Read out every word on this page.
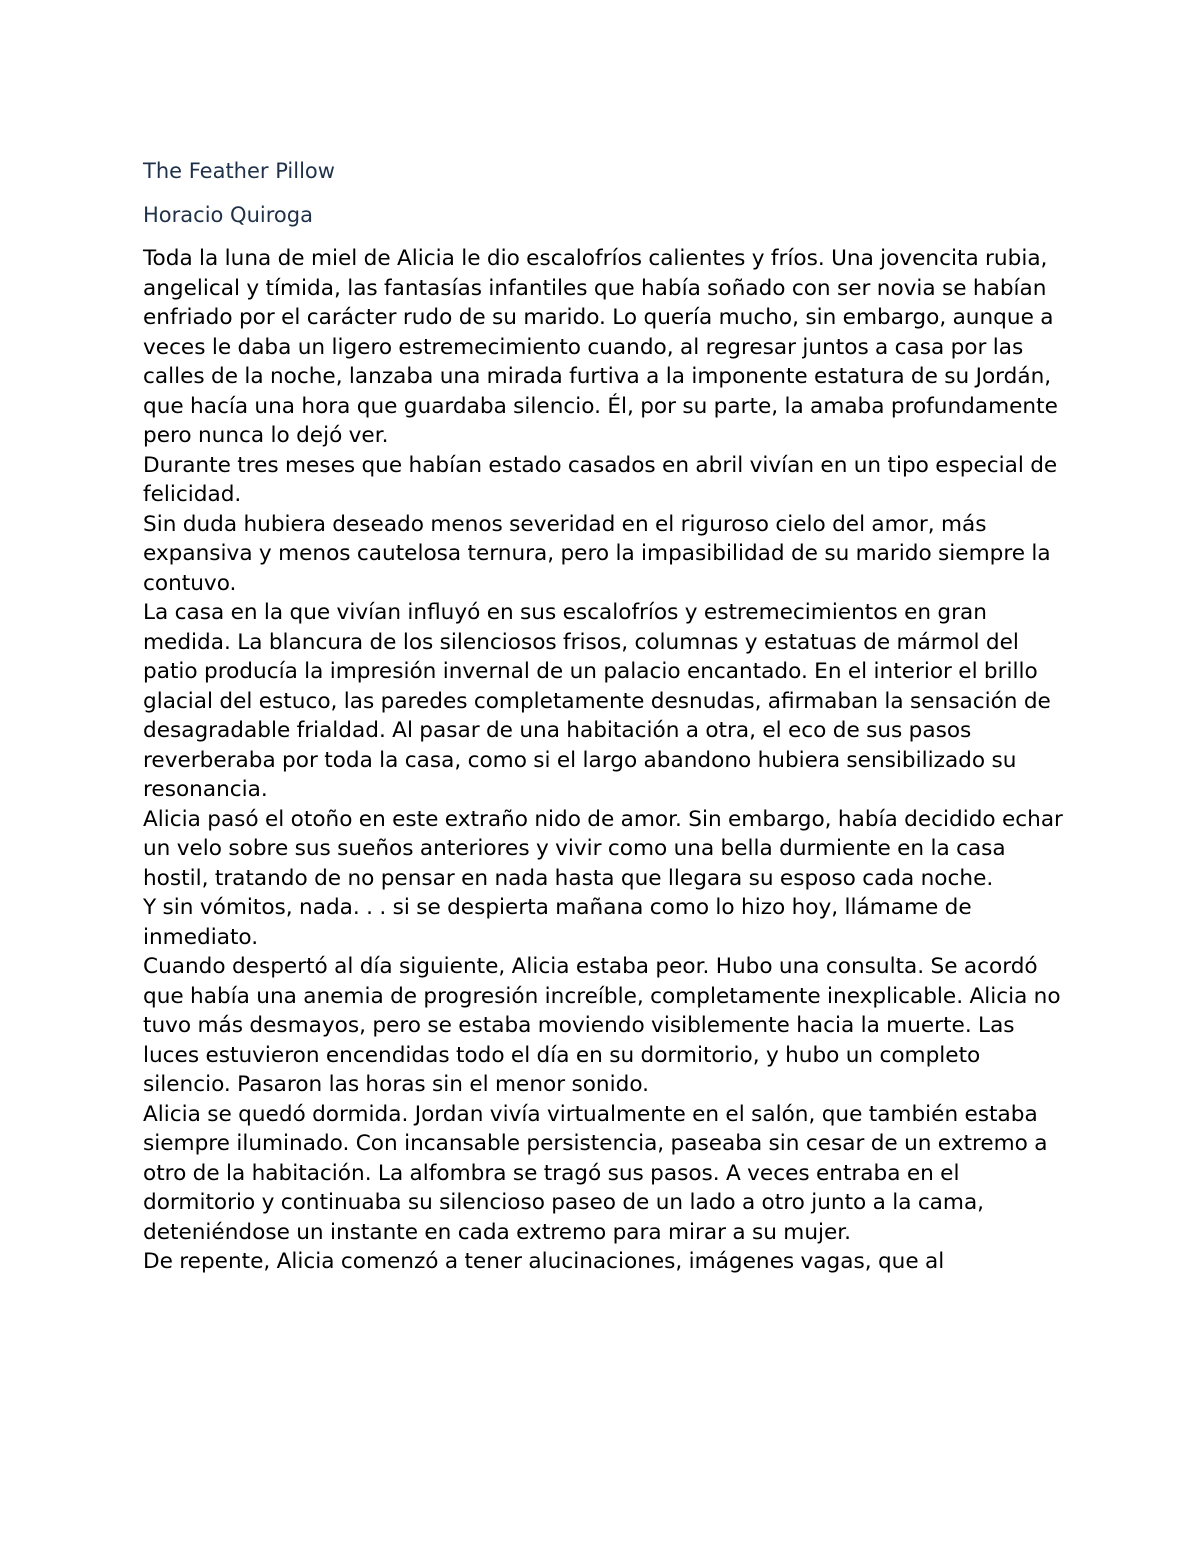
The Feather Pillow
Horacio Quiroga

Toda la luna de miel de Alicia le dio escalofríos calientes y fríos. Una jovencita rubia, angelical y tímida, las fantasías infantiles que había soñado con ser novia se habían enfriado por el carácter rudo de su marido. Lo quería mucho, sin embargo, aunque a veces le daba un ligero estremecimiento cuando, al regresar juntos a casa por las calles de la noche, lanzaba una mirada furtiva a la imponente estatura de su Jordán, que hacía una hora que guardaba silencio. Él, por su parte, la amaba profundamente pero nunca lo dejó ver.

Durante tres meses que habían estado casados en abril vivían en un tipo especial de felicidad.

Sin duda hubiera deseado menos severidad en el riguroso cielo del amor, más expansiva y menos cautelosa ternura, pero la impasibilidad de su marido siempre la contuvo.

La casa en la que vivían influyó en sus escalofríos y estremecimientos en gran medida. La blancura de los silenciosos frisos, columnas y estatuas de mármol del patio producía la impresión invernal de un palacio encantado. En el interior el brillo glacial del estuco, las paredes completamente desnudas, afirmaban la sensación de desagradable frialdad. Al pasar de una habitación a otra, el eco de sus pasos reverberaba por toda la casa, como si el largo abandono hubiera sensibilizado su resonancia.

Alicia pasó el otoño en este extraño nido de amor. Sin embargo, había decidido echar un velo sobre sus sueños anteriores y vivir como una bella durmiente en la casa hostil, tratando de no pensar en nada hasta que llegara su esposo cada noche.

Y sin vómitos, nada. . . si se despierta mañana como lo hizo hoy, llámame de inmediato.

Cuando despertó al día siguiente, Alicia estaba peor. Hubo una consulta. Se acordó que había una anemia de progresión increíble, completamente inexplicable. Alicia no tuvo más desmayos, pero se estaba moviendo visiblemente hacia la muerte. Las luces estuvieron encendidas todo el día en su dormitorio, y hubo un completo silencio. Pasaron las horas sin el menor sonido.

Alicia se quedó dormida. Jordan vivía virtualmente en el salón, que también estaba siempre iluminado. Con incansable persistencia, paseaba sin cesar de un extremo a otro de la habitación. La alfombra se tragó sus pasos. A veces entraba en el dormitorio y continuaba su silencioso paseo de un lado a otro junto a la cama, deteniéndose un instante en cada extremo para mirar a su mujer.

De repente, Alicia comenzó a tener alucinaciones, imágenes vagas, que al
